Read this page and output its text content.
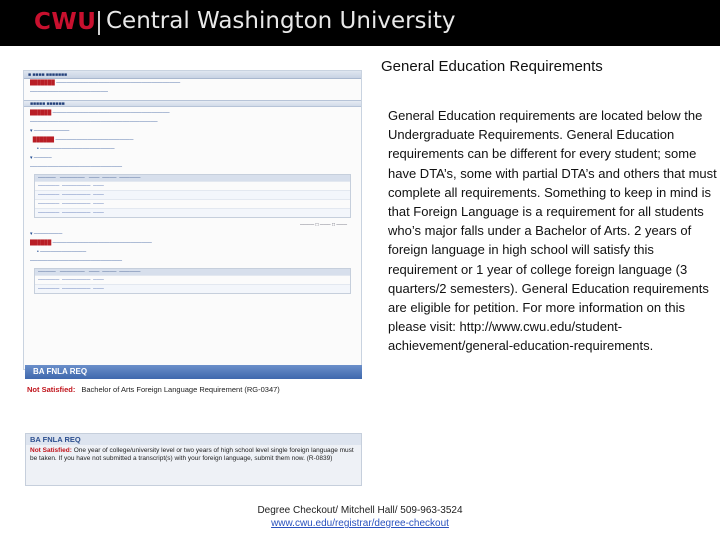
CWU Central Washington University
General Education Requirements
■ ■■■■ ■■■■■■■
███████ ───────────────────────────────────
──────────────────────
■■■■■ ■■■■■■
██████ ─────────────────────────────────
────────────────────────────────────
▾ ──────────
██████ ──────────────────────
• ─────────────────────
▾ ─────
──────────────────────────
─────   ───────   ───  ────  ──────
──────  ────────  ───
──────  ────────  ───
──────  ────────  ───
──────  ────────  ───
──── □ ─── □ ───
▾ ────────
██████ ────────────────────────────
• ─────────────
──────────────────────────
─────   ───────   ───  ────  ──────
──────  ────────  ───
──────  ────────  ───
BA FNLA REQ
Not Satisfied: Bachelor of Arts Foreign Language Requirement (RG-0347)
BA FNLA REQ
Not Satisfied: One year of college/university level or two years of high school level single foreign language must be taken. If you have not submitted a transcript(s) with your foreign language, submit them now. (R-0839)
General Education requirements are located below the Undergraduate Requirements. General Education requirements can be different for every student; some have DTA’s, some with partial DTA’s and others that must complete all requirements. Something to keep in mind is that Foreign Language is a requirement for all students who’s major falls under a Bachelor of Arts. 2 years of foreign language in high school will satisfy this requirement or 1 year of college foreign language (3 quarters/2 semesters). General Education requirements are eligible for petition. For more information on this please visit: http://www.cwu.edu/student-achievement/general-education-requirements.
Degree Checkout/ Mitchell Hall/ 509-963-3524
www.cwu.edu/registrar/degree-checkout
